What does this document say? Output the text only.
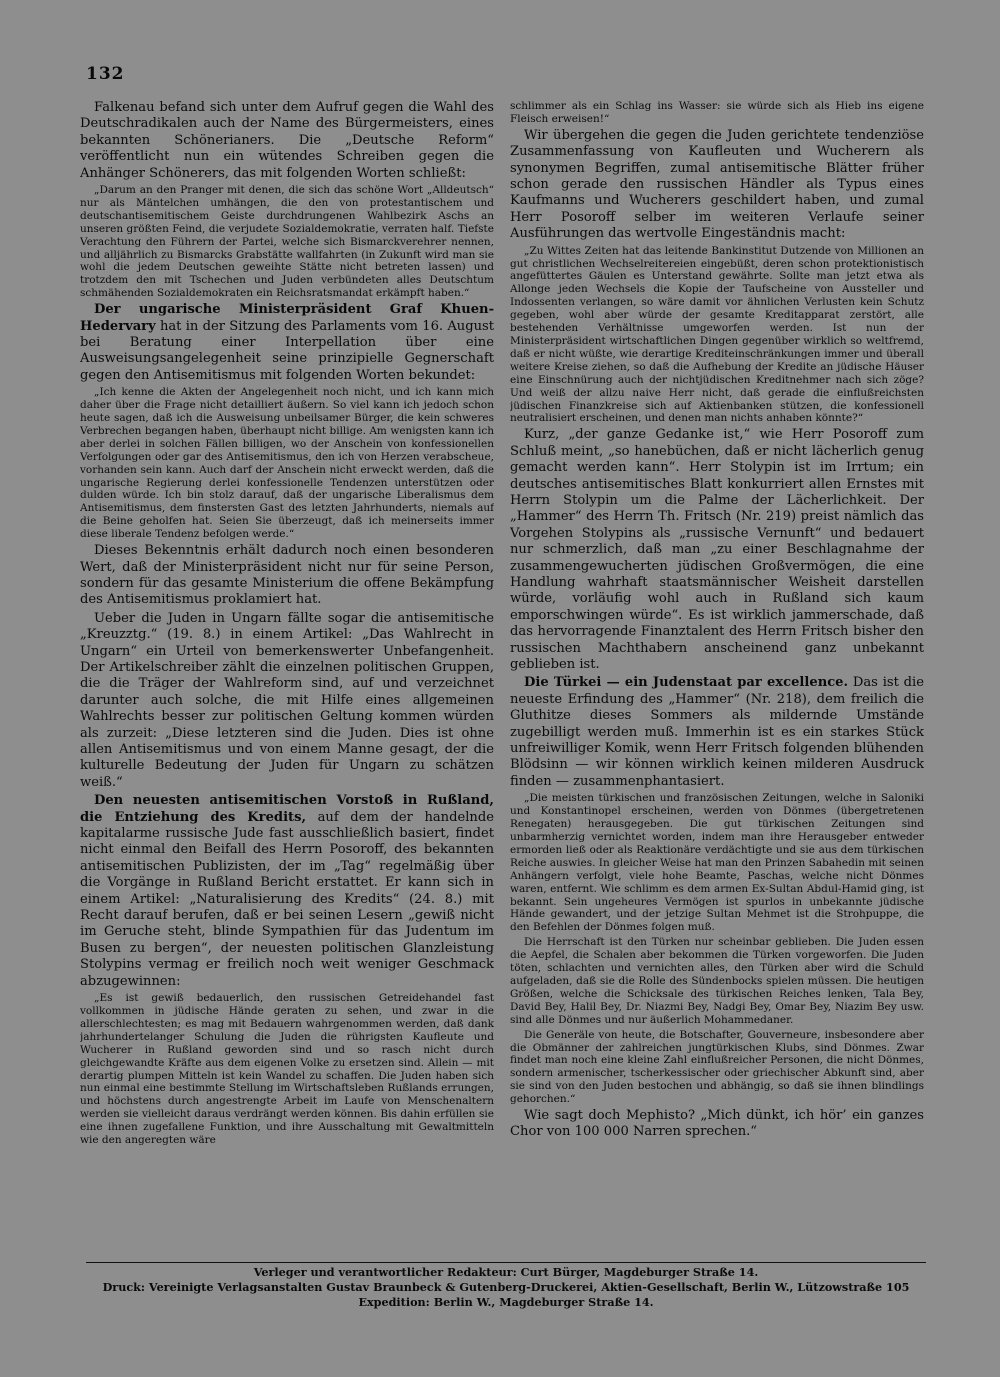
132

Falkenau befand sich unter dem Aufruf gegen die Wahl des Deutschradikalen auch der Name des Bürgermeisters, eines bekannten Schönerianers. Die „Deutsche Reform“ veröffentlicht nun ein wütendes Schreiben gegen die Anhänger Schönerers, das mit folgenden Worten schließt:

„Darum an den Pranger mit denen, die sich das schöne Wort „Alldeutsch“ nur als Mäntelchen umhängen, die den von protestantischem und deutschantisemitischem Geiste durchdrungenen Wahlbezirk Aschs an unseren größten Feind, die verjudete Sozialdemokratie, verraten half. Tiefste Verachtung den Führern der Partei, welche sich Bismarckverehrer nennen, und alljährlich zu Bismarcks Grabstätte wallfahrten (in Zukunft wird man sie wohl die jedem Deutschen geweihte Stätte nicht betreten lassen) und trotzdem den mit Tschechen und Juden verbündeten alles Deutschtum schmähenden Sozialdemokraten ein Reichsratsmandat erkämpft haben.“

Der ungarische Ministerpräsident Graf Khuen-Hedervary hat in der Sitzung des Parlaments vom 16. August bei Beratung einer Interpellation über eine Ausweisungsangelegenheit seine prinzipielle Gegnerschaft gegen den Antisemitismus mit folgenden Worten bekundet:

„Ich kenne die Akten der Angelegenheit noch nicht, und ich kann mich daher über die Frage nicht detailliert äußern. So viel kann ich jedoch schon heute sagen, daß ich die Ausweisung unbeilsamer Bürger, die kein schweres Verbrechen begangen haben, überhaupt nicht billige. Am wenigsten kann ich aber derlei in solchen Fällen billigen, wo der Anschein von konfessionellen Verfolgungen oder gar des Antisemitismus, den ich von Herzen verabscheue, vorhanden sein kann. Auch darf der Anschein nicht erweckt werden, daß die ungarische Regierung derlei konfessionelle Tendenzen unterstützen oder dulden würde. Ich bin stolz darauf, daß der ungarische Liberalismus dem Antisemitismus, dem finstersten Gast des letzten Jahrhunderts, niemals auf die Beine geholfen hat. Seien Sie überzeugt, daß ich meinerseits immer diese liberale Tendenz befolgen werde.“

Dieses Bekenntnis erhält dadurch noch einen besonderen Wert, daß der Ministerpräsident nicht nur für seine Person, sondern für das gesamte Ministerium die offene Bekämpfung des Antisemitismus proklamiert hat.

Ueber die Juden in Ungarn fällte sogar die antisemitische „Kreuzztg.“ (19. 8.) in einem Artikel: „Das Wahlrecht in Ungarn“ ein Urteil von bemerkenswerter Unbefangenheit. Der Artikelschreiber zählt die einzelnen politischen Gruppen, die die Träger der Wahlreform sind, auf und verzeichnet darunter auch solche, die mit Hilfe eines allgemeinen Wahlrechts besser zur politischen Geltung kommen würden als zurzeit: „Diese letzteren sind die Juden. Dies ist ohne allen Antisemitismus und von einem Manne gesagt, der die kulturelle Bedeutung der Juden für Ungarn zu schätzen weiß.“

Den neuesten antisemitischen Vorstoß in Rußland, die Entziehung des Kredits, auf dem der handelnde kapitalarme russische Jude fast ausschließlich basiert, findet nicht einmal den Beifall des Herrn Posoroff, des bekannten antisemitischen Publizisten, der im „Tag“ regelmäßig über die Vorgänge in Rußland Bericht erstattet. Er kann sich in einem Artikel: „Naturalisierung des Kredits“ (24. 8.) mit Recht darauf berufen, daß er bei seinen Lesern „gewiß nicht im Geruche steht, blinde Sympathien für das Judentum im Busen zu bergen“, der neuesten politischen Glanzleistung Stolypins vermag er freilich noch weit weniger Geschmack abzugewinnen:

„Es ist gewiß bedauerlich, den russischen Getreidehandel fast vollkommen in jüdische Hände geraten zu sehen, und zwar in die allerschlechtesten; es mag mit Bedauern wahrgenommen werden, daß dank jahrhundertelanger Schulung die Juden die rührigsten Kaufleute und Wucherer in Rußland geworden sind und so rasch nicht durch gleichgewandte Kräfte aus dem eigenen Volke zu ersetzen sind. Allein — mit derartig plumpen Mitteln ist kein Wandel zu schaffen. Die Juden haben sich nun einmal eine bestimmte Stellung im Wirtschaftsleben Rußlands errungen, und höchstens durch angestrengte Arbeit im Laufe von Menschenaltern werden sie vielleicht daraus verdrängt werden können. Bis dahin erfüllen sie eine ihnen zugefallene Funktion, und ihre Ausschaltung mit Gewaltmitteln wie den angeregten wäre

schlimmer als ein Schlag ins Wasser: sie würde sich als Hieb ins eigene Fleisch erweisen!“

Wir übergehen die gegen die Juden gerichtete tendenziöse Zusammenfassung von Kaufleuten und Wucherern als synonymen Begriffen, zumal antisemitische Blätter früher schon gerade den russischen Händler als Typus eines Kaufmanns und Wucherers geschildert haben, und zumal Herr Posoroff selber im weiteren Verlaufe seiner Ausführungen das wertvolle Eingeständnis macht:

„Zu Wittes Zeiten hat das leitende Bankinstitut Dutzende von Millionen an gut christlichen Wechselreitereien eingebüßt, deren schon protektionistisch angefüttertes Gäulen es Unterstand gewährte. Sollte man jetzt etwa als Allonge jeden Wechsels die Kopie der Taufscheine von Aussteller und Indossenten verlangen, so wäre damit vor ähnlichen Verlusten kein Schutz gegeben, wohl aber würde der gesamte Kreditapparat zerstört, alle bestehenden Verhältnisse umgeworfen werden. Ist nun der Ministerpräsident wirtschaftlichen Dingen gegenüber wirklich so weltfremd, daß er nicht wüßte, wie derartige Krediteinschränkungen immer und überall weitere Kreise ziehen, so daß die Aufhebung der Kredite an jüdische Häuser eine Einschnürung auch der nichtjüdischen Kreditnehmer nach sich zöge? Und weiß der allzu naive Herr nicht, daß gerade die einflußreichsten jüdischen Finanzkreise sich auf Aktienbanken stützen, die konfessionell neutralisiert erscheinen, und denen man nichts anhaben könnte?“

Kurz, „der ganze Gedanke ist,“ wie Herr Posoroff zum Schluß meint, „so hanebüchen, daß er nicht lächerlich genug gemacht werden kann“. Herr Stolypin ist im Irrtum; ein deutsches antisemitisches Blatt konkurriert allen Ernstes mit Herrn Stolypin um die Palme der Lächerlichkeit. Der „Hammer“ des Herrn Th. Fritsch (Nr. 219) preist nämlich das Vorgehen Stolypins als „russische Vernunft“ und bedauert nur schmerzlich, daß man „zu einer Beschlagnahme der zusammengewucherten jüdischen Großvermögen, die eine Handlung wahrhaft staatsmännischer Weisheit darstellen würde, vorläufig wohl auch in Rußland sich kaum emporschwingen würde“. Es ist wirklich jammerschade, daß das hervorragende Finanztalent des Herrn Fritsch bisher den russischen Machthabern anscheinend ganz unbekannt geblieben ist.

Die Türkei — ein Judenstaat par excellence. Das ist die neueste Erfindung des „Hammer“ (Nr. 218), dem freilich die Gluthitze dieses Sommers als mildernde Umstände zugebilligt werden muß. Immerhin ist es ein starkes Stück unfreiwilliger Komik, wenn Herr Fritsch folgenden blühenden Blödsinn — wir können wirklich keinen milderen Ausdruck finden — zusammenphantasiert.

„Die meisten türkischen und französischen Zeitungen, welche in Saloniki und Konstantinopel erscheinen, werden von Dönmes (übergetretenen Renegaten) herausgegeben. Die gut türkischen Zeitungen sind unbarmherzig vernichtet worden, indem man ihre Herausgeber entweder ermorden ließ oder als Reaktionäre verdächtigte und sie aus dem türkischen Reiche auswies. In gleicher Weise hat man den Prinzen Sabahedin mit seinen Anhängern verfolgt, viele hohe Beamte, Paschas, welche nicht Dönmes waren, entfernt. Wie schlimm es dem armen Ex-Sultan Abdul-Hamid ging, ist bekannt. Sein ungeheures Vermögen ist spurlos in unbekannte jüdische Hände gewandert, und der jetzige Sultan Mehmet ist die Strohpuppe, die den Befehlen der Dönmes folgen muß.

Die Herrschaft ist den Türken nur scheinbar geblieben. Die Juden essen die Aepfel, die Schalen aber bekommen die Türken vorgeworfen. Die Juden töten, schlachten und vernichten alles, den Türken aber wird die Schuld aufgeladen, daß sie die Rolle des Sündenbocks spielen müssen. Die heutigen Größen, welche die Schicksale des türkischen Reiches lenken, Tala Bey, David Bey, Halil Bey, Dr. Niazmi Bey, Nadgi Bey, Omar Bey, Niazim Bey usw. sind alle Dönmes und nur äußerlich Mohammedaner.

Die Generäle von heute, die Botschafter, Gouverneure, insbesondere aber die Obmänner der zahlreichen jungtürkischen Klubs, sind Dönmes. Zwar findet man noch eine kleine Zahl einflußreicher Personen, die nicht Dönmes, sondern armenischer, tscherkessischer oder griechischer Abkunft sind, aber sie sind von den Juden bestochen und abhängig, so daß sie ihnen blindlings gehorchen.“

Wie sagt doch Mephisto? „Mich dünkt, ich hör’ ein ganzes Chor von 100 000 Narren sprechen.“

Verleger und verantwortlicher Redakteur: Curt Bürger, Magdeburger Straße 14.
Druck: Vereinigte Verlagsanstalten Gustav Braunbeck & Gutenberg-Druckerei, Aktien-Gesellschaft, Berlin W., Lützowstraße 105
Expedition: Berlin W., Magdeburger Straße 14.
